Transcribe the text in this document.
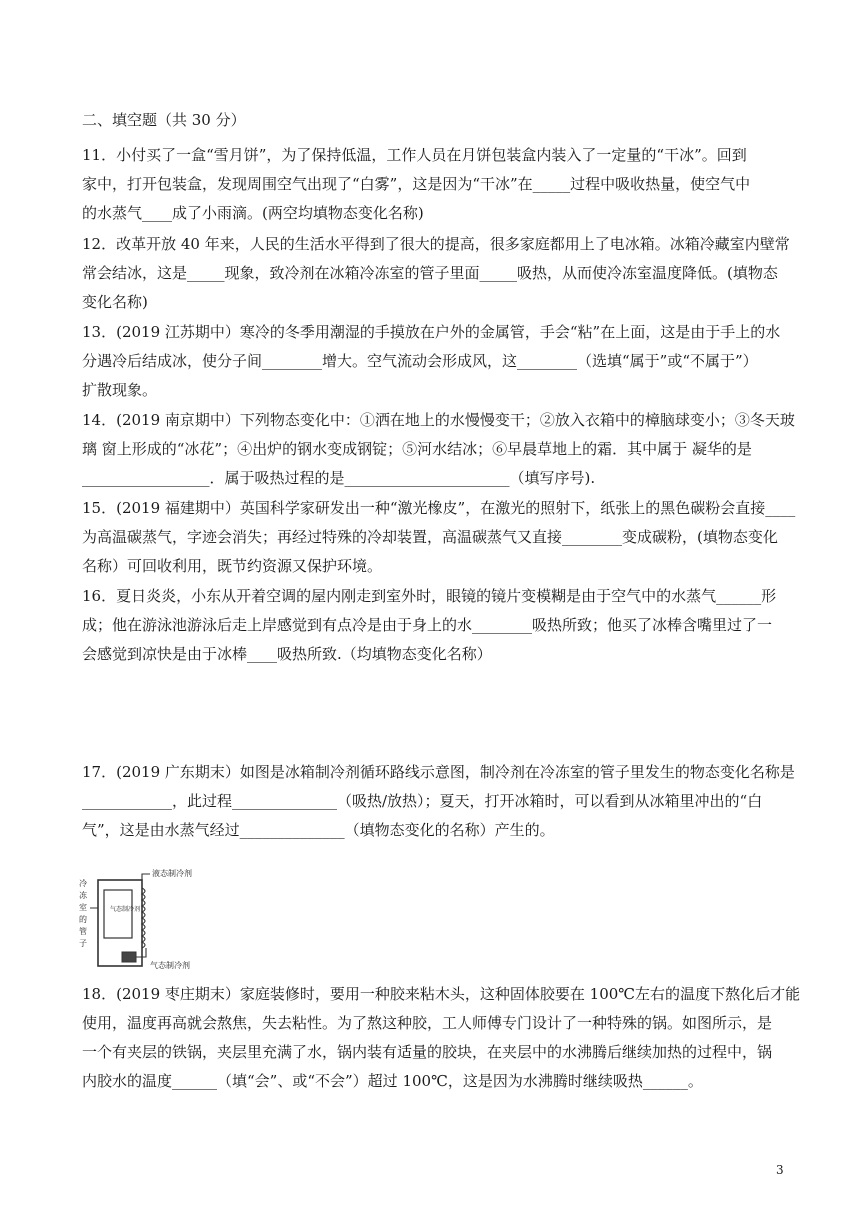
二、填空题（共 30 分）

11．小付买了一盒“雪月饼”，为了保持低温，工作人员在月饼包装盒内装入了一定量的“干冰”。回到
家中，打开包装盒，发现周围空气出现了“白雾”，这是因为“干冰”在_____过程中吸收热量，使空气中
的水蒸气____成了小雨滴。(两空均填物态变化名称)

12．改革开放 40 年来，人民的生活水平得到了很大的提高，很多家庭都用上了电冰箱。冰箱冷藏室内壁常
常会结冰，这是_____现象，致冷剂在冰箱冷冻室的管子里面_____吸热，从而使冷冻室温度降低。(填物态
变化名称)

13．(2019 江苏期中）寒冷的冬季用潮湿的手摸放在户外的金属管，手会“粘”在上面，这是由于手上的水
分遇冷后结成冰，使分子间________增大。空气流动会形成风，这________（选填“属于”或“不属于”）
扩散现象。

14．(2019 南京期中）下列物态变化中：①洒在地上的水慢慢变干；②放入衣箱中的樟脑球变小；③冬天玻
璃 窗上形成的“冰花”；④出炉的钢水变成钢锭；⑤河水结冰；⑥早晨草地上的霜．其中属于 凝华的是
_________________．属于吸热过程的是______________________（填写序号).

15．(2019 福建期中）英国科学家研发出一种“激光橡皮”，在激光的照射下，纸张上的黑色碳粉会直接____
为高温碳蒸气，字迹会消失；再经过特殊的冷却装置，高温碳蒸气又直接________变成碳粉，(填物态变化
名称）可回收利用，既节约资源又保护环境。

16．夏日炎炎，小东从开着空调的屋内刚走到室外时，眼镜的镜片变模糊是由于空气中的水蒸气______形
成；他在游泳池游泳后走上岸感觉到有点冷是由于身上的水________吸热所致；他买了冰棒含嘴里过了一
会感觉到凉快是由于冰棒____吸热所致.（均填物态变化名称）

17．(2019 广东期末）如图是冰箱制冷剂循环路线示意图，制冷剂在冷冻室的管子里发生的物态变化名称是
____________，此过程______________（吸热/放热）；夏天，打开冰箱时，可以看到从冰箱里冲出的“白
气”，这是由水蒸气经过______________（填物态变化的名称）产生的。

液态制冷剂
气态制冷剂
气态制冷剂
冷
冻
室
的
管
子

18．(2019 枣庄期末）家庭装修时，要用一种胶来粘木头，这种固体胶要在 100℃左右的温度下熬化后才能
使用，温度再高就会熬焦，失去粘性。为了熬这种胶，工人师傅专门设计了一种特殊的锅。如图所示，是
一个有夹层的铁锅，夹层里充满了水，锅内装有适量的胶块，在夹层中的水沸腾后继续加热的过程中，锅
内胶水的温度______（填“会”、或“不会”）超过 100℃，这是因为水沸腾时继续吸热______。

3
